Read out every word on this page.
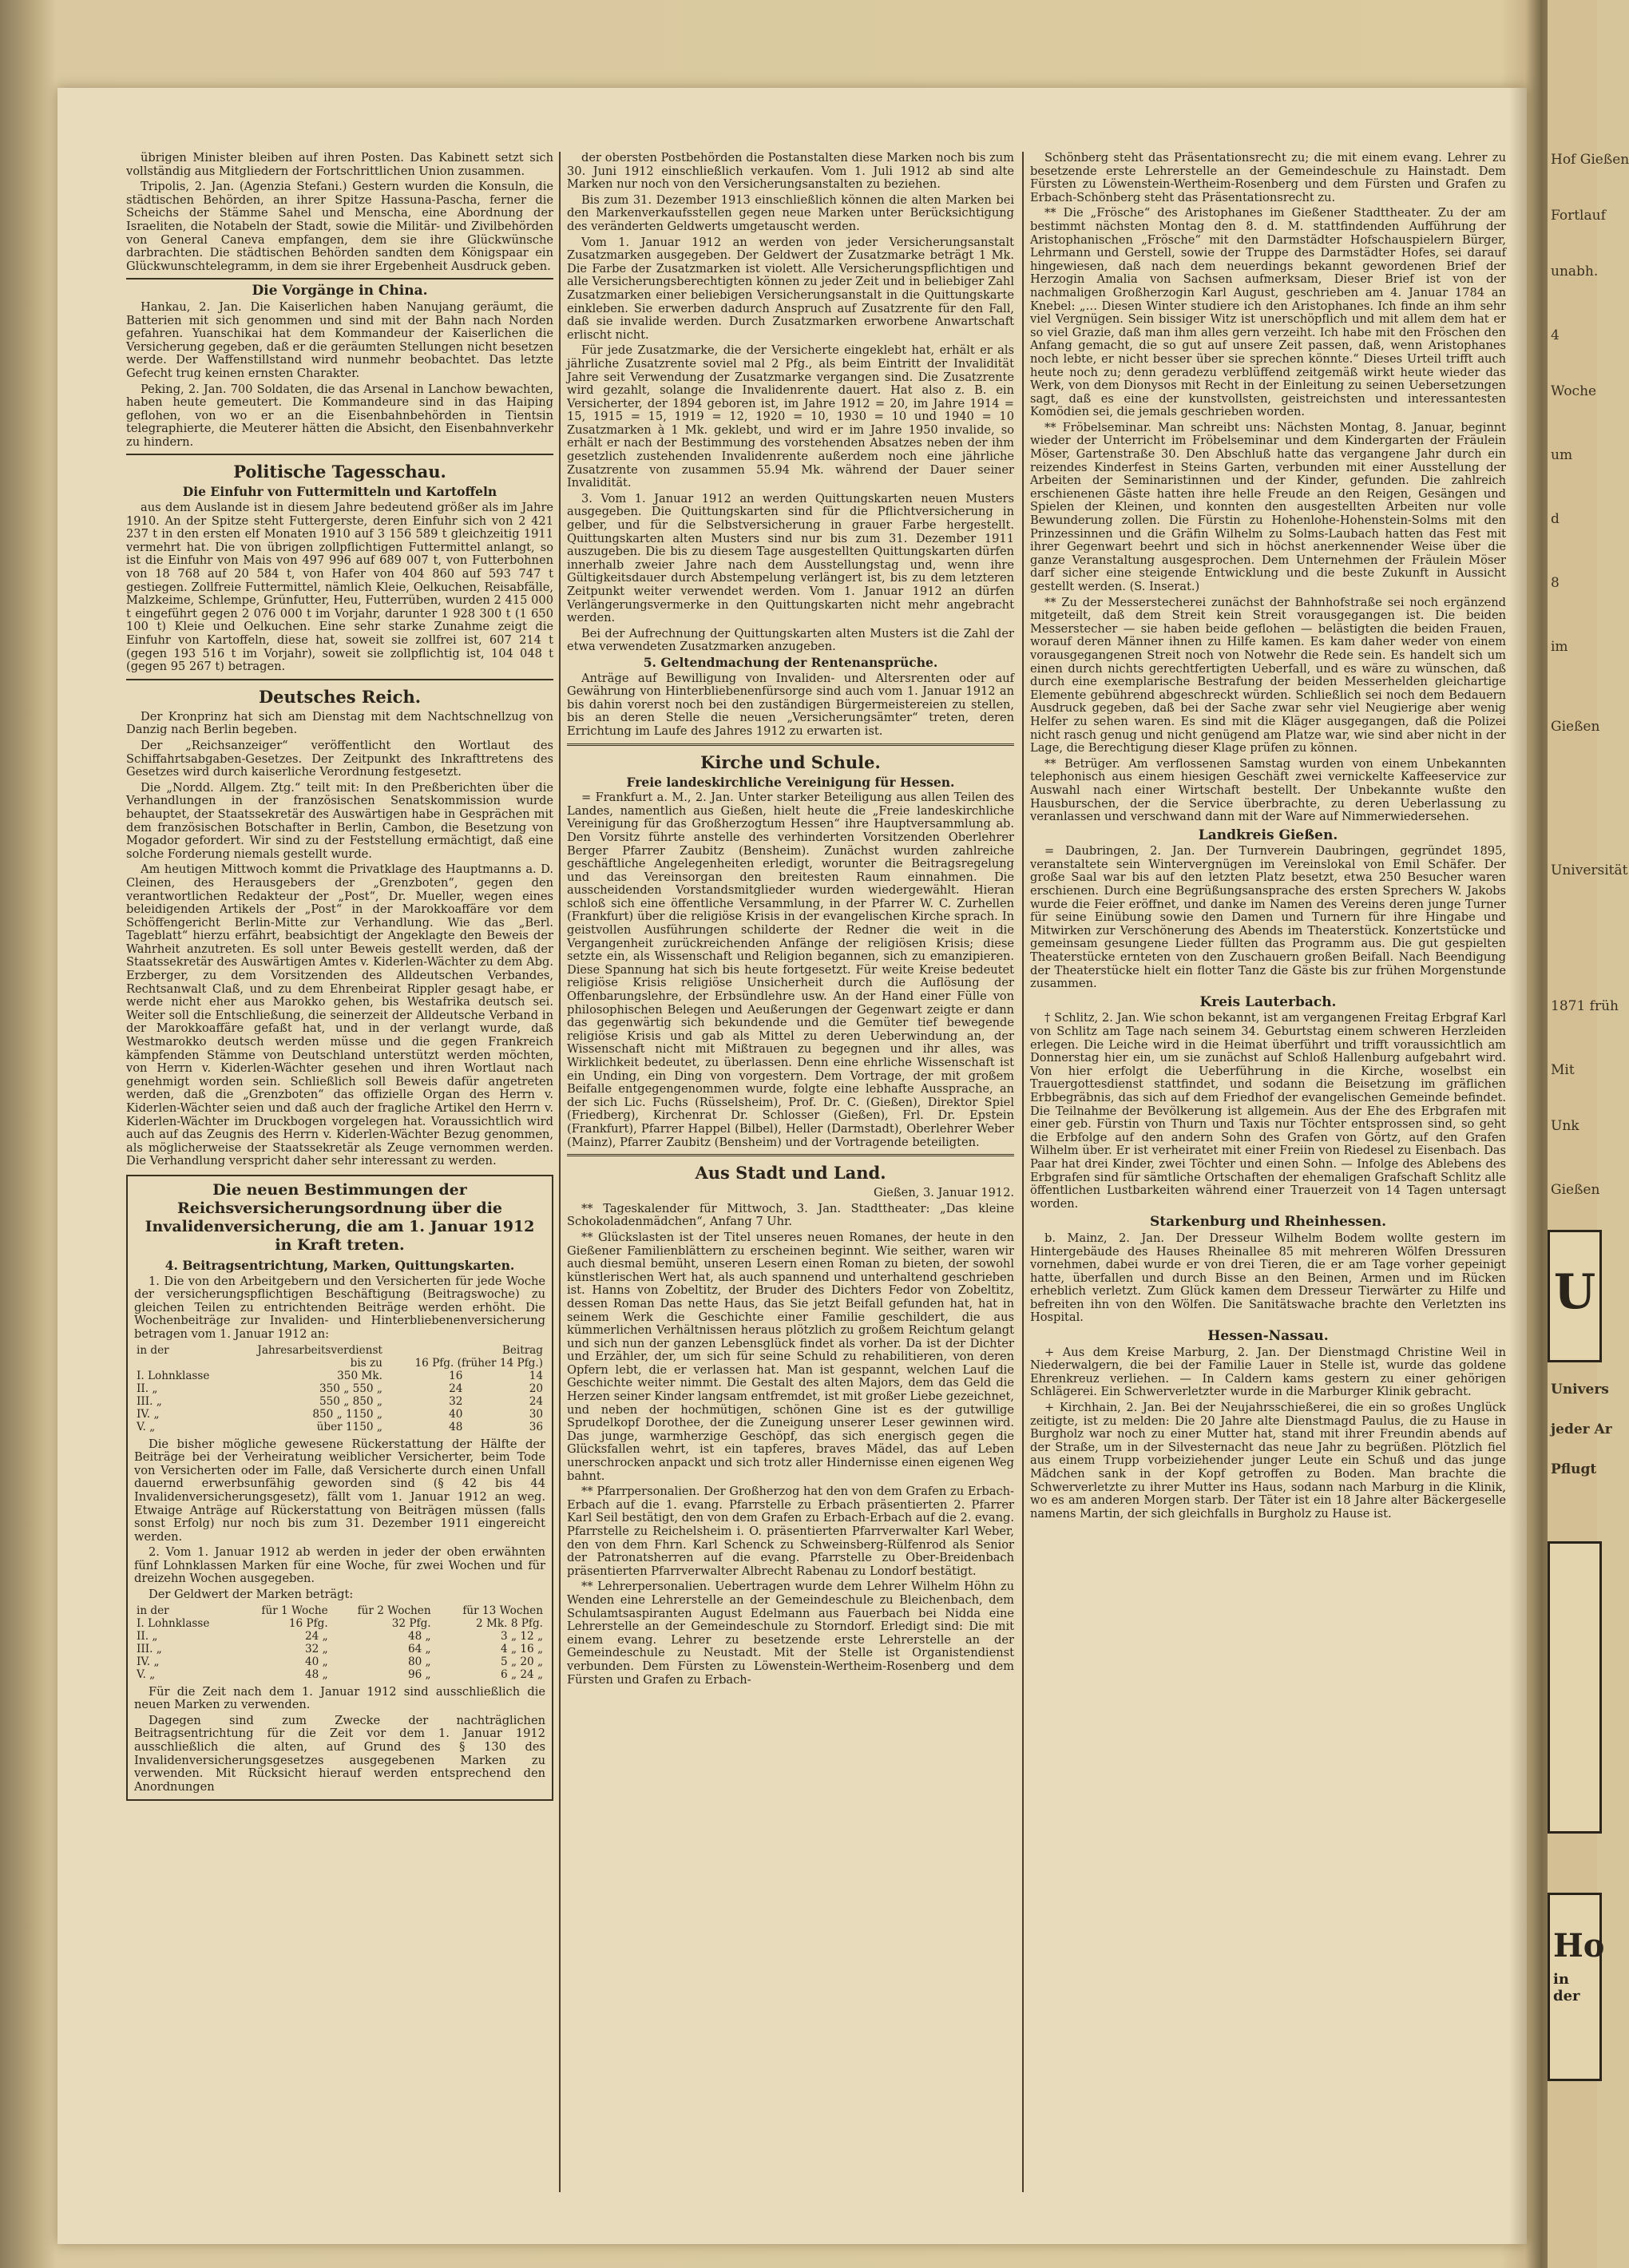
Hof Gießen
Fortlauf
unabh.
4
Woche
um
d
8
im
Gießen
Universität
1871 früh
Mit
Unk
Gießen
U
Univers
jeder Ar
Pflugt
Ho
in der

übrigen Minister bleiben auf ihren Posten. Das Kabinett setzt sich vollständig aus Mitgliedern der Fortschrittlichen Union zusammen.

Tripolis, 2. Jan. (Agenzia Stefani.) Gestern wurden die Konsuln, die städtischen Behörden, an ihrer Spitze Hassuna-Pascha, ferner die Scheichs der Stämme Sahel und Menscha, eine Abordnung der Israeliten, die Notabeln der Stadt, sowie die Militär- und Zivilbehörden von General Caneva empfangen, dem sie ihre Glückwünsche darbrachten. Die städtischen Behörden sandten dem Königspaar ein Glückwunschtelegramm, in dem sie ihrer Ergebenheit Ausdruck geben.

Die Vorgänge in China.

Hankau, 2. Jan. Die Kaiserlichen haben Nanujang geräumt, die Batterien mit sich genommen und sind mit der Bahn nach Norden gefahren. Yuanschikai hat dem Kommandeur der Kaiserlichen die Versicherung gegeben, daß er die geräumten Stellungen nicht besetzen werde. Der Waffenstillstand wird nunmehr beobachtet. Das letzte Gefecht trug keinen ernsten Charakter.

Peking, 2. Jan. 700 Soldaten, die das Arsenal in Lanchow bewachten, haben heute gemeutert. Die Kommandeure sind in das Haiping geflohen, von wo er an die Eisenbahnbehörden in Tientsin telegraphierte, die Meuterer hätten die Absicht, den Eisenbahnverkehr zu hindern.

Politische Tagesschau.
Die Einfuhr von Futtermitteln und Kartoffeln

aus dem Auslande ist in diesem Jahre bedeutend größer als im Jahre 1910. An der Spitze steht Futtergerste, deren Einfuhr sich von 2 421 237 t in den ersten elf Monaten 1910 auf 3 156 589 t gleichzeitig 1911 vermehrt hat. Die von übrigen zollpflichtigen Futtermittel anlangt, so ist die Einfuhr von Mais von 497 996 auf 689 007 t, von Futterbohnen von 18 768 auf 20 584 t, von Hafer von 404 860 auf 593 747 t gestiegen. Zollfreie Futtermittel, nämlich Kleie, Oelkuchen, Reisabfälle, Malzkeime, Schlempe, Grünfutter, Heu, Futterrüben, wurden 2 415 000 t eingeführt gegen 2 076 000 t im Vorjahr, darunter 1 928 300 t (1 650 100 t) Kleie und Oelkuchen. Eine sehr starke Zunahme zeigt die Einfuhr von Kartoffeln, diese hat, soweit sie zollfrei ist, 607 214 t (gegen 193 516 t im Vorjahr), soweit sie zollpflichtig ist, 104 048 t (gegen 95 267 t) betragen.

Deutsches Reich.

Der Kronprinz hat sich am Dienstag mit dem Nachtschnellzug von Danzig nach Berlin begeben.

Der „Reichsanzeiger“ veröffentlicht den Wortlaut des Schiffahrtsabgaben-Gesetzes. Der Zeitpunkt des Inkrafttretens des Gesetzes wird durch kaiserliche Verordnung festgesetzt.

Die „Nordd. Allgem. Ztg.“ teilt mit: In den Preßberichten über die Verhandlungen in der französischen Senatskommission wurde behauptet, der Staatssekretär des Auswärtigen habe in Gesprächen mit dem französischen Botschafter in Berlin, Cambon, die Besetzung von Mogador gefordert. Wir sind zu der Feststellung ermächtigt, daß eine solche Forderung niemals gestellt wurde.

Am heutigen Mittwoch kommt die Privatklage des Hauptmanns a. D. Cleinen, des Herausgebers der „Grenzboten“, gegen den verantwortlichen Redakteur der „Post“, Dr. Mueller, wegen eines beleidigenden Artikels der „Post“ in der Marokkoaffäre vor dem Schöffengericht Berlin-Mitte zur Verhandlung. Wie das „Berl. Tageblatt“ hierzu erfährt, beabsichtigt der Angeklagte den Beweis der Wahrheit anzutreten. Es soll unter Beweis gestellt werden, daß der Staatssekretär des Auswärtigen Amtes v. Kiderlen-Wächter zu dem Abg. Erzberger, zu dem Vorsitzenden des Alldeutschen Verbandes, Rechtsanwalt Claß, und zu dem Ehrenbeirat Rippler gesagt habe, er werde nicht eher aus Marokko gehen, bis Westafrika deutsch sei. Weiter soll die Entschließung, die seinerzeit der Alldeutsche Verband in der Marokkoaffäre gefaßt hat, und in der verlangt wurde, daß Westmarokko deutsch werden müsse und die gegen Frankreich kämpfenden Stämme von Deutschland unterstützt werden möchten, von Herrn v. Kiderlen-Wächter gesehen und ihren Wortlaut nach genehmigt worden sein. Schließlich soll Beweis dafür angetreten werden, daß die „Grenzboten“ das offizielle Organ des Herrn v. Kiderlen-Wächter seien und daß auch der fragliche Artikel den Herrn v. Kiderlen-Wächter im Druckbogen vorgelegen hat. Voraussichtlich wird auch auf das Zeugnis des Herrn v. Kiderlen-Wächter Bezug genommen, als möglicherweise der Staatssekretär als Zeuge vernommen werden. Die Verhandlung verspricht daher sehr interessant zu werden.

Die neuen Bestimmungen der Reichsversicherungsordnung über die Invalidenversicherung, die am 1. Januar 1912 in Kraft treten.
4. Beitragsentrichtung, Marken, Quittungskarten.

1. Die von den Arbeitgebern und den Versicherten für jede Woche der versicherungspflichtigen Beschäftigung (Beitragswoche) zu gleichen Teilen zu entrichtenden Beiträge werden erhöht. Die Wochenbeiträge zur Invaliden- und Hinterbliebenenversicherung betragen vom 1. Januar 1912 an:

in der	Jahresarbeitsverdienst	Beitrag	
	bis zu	16 Pfg. (früher 14 Pfg.)	
I. Lohnklasse	350 Mk.	16	14
II. „	350 „ 550 „	24	20
III. „	550 „ 850 „	32	24
IV. „	850 „ 1150 „	40	30
V. „	über 1150 „	48	36

Die bisher mögliche gewesene Rückerstattung der Hälfte der Beiträge bei der Verheiratung weiblicher Versicherter, beim Tode von Versicherten oder im Falle, daß Versicherte durch einen Unfall dauernd erwerbsunfähig geworden sind (§ 42 bis 44 Invalidenversicherungsgesetz), fällt vom 1. Januar 1912 an weg. Etwaige Anträge auf Rückerstattung von Beiträgen müssen (falls sonst Erfolg) nur noch bis zum 31. Dezember 1911 eingereicht werden.

2. Vom 1. Januar 1912 ab werden in jeder der oben erwähnten fünf Lohnklassen Marken für eine Woche, für zwei Wochen und für dreizehn Wochen ausgegeben.

Der Geldwert der Marken beträgt:

in der	für 1 Woche	für 2 Wochen	für 13 Wochen
I. Lohnklasse	16 Pfg.	32 Pfg.	2 Mk. 8 Pfg.
II. „	24 „	48 „	3 „ 12 „
III. „	32 „	64 „	4 „ 16 „
IV. „	40 „	80 „	5 „ 20 „
V. „	48 „	96 „	6 „ 24 „

Für die Zeit nach dem 1. Januar 1912 sind ausschließlich die neuen Marken zu verwenden.

Dagegen sind zum Zwecke der nachträglichen Beitragsentrichtung für die Zeit vor dem 1. Januar 1912 ausschließlich die alten, auf Grund des § 130 des Invalidenversicherungsgesetzes ausgegebenen Marken zu verwenden. Mit Rücksicht hierauf werden entsprechend den Anordnungen

der obersten Postbehörden die Postanstalten diese Marken noch bis zum 30. Juni 1912 einschließlich verkaufen. Vom 1. Juli 1912 ab sind alte Marken nur noch von den Versicherungsanstalten zu beziehen.

Bis zum 31. Dezember 1913 einschließlich können die alten Marken bei den Markenverkaufsstellen gegen neue Marken unter Berücksichtigung des veränderten Geldwerts umgetauscht werden.

Vom 1. Januar 1912 an werden von jeder Versicherungsanstalt Zusatzmarken ausgegeben. Der Geldwert der Zusatzmarke beträgt 1 Mk. Die Farbe der Zusatzmarken ist violett. Alle Versicherungspflichtigen und alle Versicherungsberechtigten können zu jeder Zeit und in beliebiger Zahl Zusatzmarken einer beliebigen Versicherungsanstalt in die Quittungskarte einkleben. Sie erwerben dadurch Anspruch auf Zusatzrente für den Fall, daß sie invalide werden. Durch Zusatzmarken erworbene Anwartschaft erlischt nicht.

Für jede Zusatzmarke, die der Versicherte eingeklebt hat, erhält er als jährliche Zusatzrente soviel mal 2 Pfg., als beim Eintritt der Invalidität Jahre seit Verwendung der Zusatzmarke vergangen sind. Die Zusatzrente wird gezahlt, solange die Invalidenrente dauert. Hat also z. B. ein Versicherter, der 1894 geboren ist, im Jahre 1912 = 20, im Jahre 1914 = 15, 1915 = 15, 1919 = 12, 1920 = 10, 1930 = 10 und 1940 = 10 Zusatzmarken à 1 Mk. geklebt, und wird er im Jahre 1950 invalide, so erhält er nach der Bestimmung des vorstehenden Absatzes neben der ihm gesetzlich zustehenden Invalidenrente außerdem noch eine jährliche Zusatzrente von zusammen 55.94 Mk. während der Dauer seiner Invalidität.

3. Vom 1. Januar 1912 an werden Quittungskarten neuen Musters ausgegeben. Die Quittungskarten sind für die Pflichtversicherung in gelber, und für die Selbstversicherung in grauer Farbe hergestellt. Quittungskarten alten Musters sind nur bis zum 31. Dezember 1911 auszugeben. Die bis zu diesem Tage ausgestellten Quittungskarten dürfen innerhalb zweier Jahre nach dem Ausstellungstag und, wenn ihre Gültigkeitsdauer durch Abstempelung verlängert ist, bis zu dem letzteren Zeitpunkt weiter verwendet werden. Vom 1. Januar 1912 an dürfen Verlängerungsvermerke in den Quittungskarten nicht mehr angebracht werden.

Bei der Aufrechnung der Quittungskarten alten Musters ist die Zahl der etwa verwendeten Zusatzmarken anzugeben.

5. Geltendmachung der Rentenansprüche.

Anträge auf Bewilligung von Invaliden- und Altersrenten oder auf Gewährung von Hinterbliebenenfürsorge sind auch vom 1. Januar 1912 an bis dahin vorerst noch bei den zuständigen Bürgermeistereien zu stellen, bis an deren Stelle die neuen „Versicherungsämter“ treten, deren Errichtung im Laufe des Jahres 1912 zu erwarten ist.

Kirche und Schule.
Freie landeskirchliche Vereinigung für Hessen.

= Frankfurt a. M., 2. Jan. Unter starker Beteiligung aus allen Teilen des Landes, namentlich aus Gießen, hielt heute die „Freie landeskirchliche Vereinigung für das Großherzogtum Hessen“ ihre Hauptversammlung ab. Den Vorsitz führte anstelle des verhinderten Vorsitzenden Oberlehrer Berger Pfarrer Zaubitz (Bensheim). Zunächst wurden zahlreiche geschäftliche Angelegenheiten erledigt, worunter die Beitragsregelung und das Vereinsorgan den breitesten Raum einnahmen. Die ausscheidenden Vorstandsmitglieder wurden wiedergewählt. Hieran schloß sich eine öffentliche Versammlung, in der Pfarrer W. C. Zurhellen (Frankfurt) über die religiöse Krisis in der evangelischen Kirche sprach. In geistvollen Ausführungen schilderte der Redner die weit in die Vergangenheit zurückreichenden Anfänge der religiösen Krisis; diese setzte ein, als Wissenschaft und Religion begannen, sich zu emanzipieren. Diese Spannung hat sich bis heute fortgesetzt. Für weite Kreise bedeutet religiöse Krisis religiöse Unsicherheit durch die Auflösung der Offenbarungslehre, der Erbsündlehre usw. An der Hand einer Fülle von philosophischen Belegen und Aeußerungen der Gegenwart zeigte er dann das gegenwärtig sich bekundende und die Gemüter tief bewegende religiöse Krisis und gab als Mittel zu deren Ueberwindung an, der Wissenschaft nicht mit Mißtrauen zu begegnen und ihr alles, was Wirklichkeit bedeutet, zu überlassen. Denn eine ehrliche Wissenschaft ist ein Unding, ein Ding von vorgestern. Dem Vortrage, der mit großem Beifalle entgegengenommen wurde, folgte eine lebhafte Aussprache, an der sich Lic. Fuchs (Rüsselsheim), Prof. Dr. C. (Gießen), Direktor Spiel (Friedberg), Kirchenrat Dr. Schlosser (Gießen), Frl. Dr. Epstein (Frankfurt), Pfarrer Happel (Bilbel), Heller (Darmstadt), Oberlehrer Weber (Mainz), Pfarrer Zaubitz (Bensheim) und der Vortragende beteiligten.

Aus Stadt und Land.
Gießen, 3. Januar 1912.

** Tageskalender für Mittwoch, 3. Jan. Stadttheater: „Das kleine Schokoladenmädchen“, Anfang 7 Uhr.

** Glückslasten ist der Titel unseres neuen Romanes, der heute in den Gießener Familienblättern zu erscheinen beginnt. Wie seither, waren wir auch diesmal bemüht, unseren Lesern einen Roman zu bieten, der sowohl künstlerischen Wert hat, als auch spannend und unterhaltend geschrieben ist. Hanns von Zobeltitz, der Bruder des Dichters Fedor von Zobeltitz, dessen Roman Das nette Haus, das Sie jetzt Beifall gefunden hat, hat in seinem Werk die Geschichte einer Familie geschildert, die aus kümmerlichen Verhältnissen heraus plötzlich zu großem Reichtum gelangt und sich nun der ganzen Lebensglück findet als vorher. Da ist der Dichter und Erzähler, der, um sich für seine Schuld zu rehabilitieren, von deren Opfern lebt, die er verlassen hat. Man ist gespannt, welchen Lauf die Geschichte weiter nimmt. Die Gestalt des alten Majors, dem das Geld die Herzen seiner Kinder langsam entfremdet, ist mit großer Liebe gezeichnet, und neben der hochmütigen, schönen Gine ist es der gutwillige Sprudelkopf Dorothee, der die Zuneigung unserer Leser gewinnen wird. Das junge, warmherzige Geschöpf, das sich energisch gegen die Glücksfallen wehrt, ist ein tapferes, braves Mädel, das auf Leben unerschrocken anpackt und sich trotz aller Hindernisse einen eigenen Weg bahnt.

** Pfarrpersonalien. Der Großherzog hat den von dem Grafen zu Erbach-Erbach auf die 1. evang. Pfarrstelle zu Erbach präsentierten 2. Pfarrer Karl Seil bestätigt, den von dem Grafen zu Erbach-Erbach auf die 2. evang. Pfarrstelle zu Reichelsheim i. O. präsentierten Pfarrverwalter Karl Weber, den von dem Fhrn. Karl Schenck zu Schweinsberg-Rülfenrod als Senior der Patronatsherren auf die evang. Pfarrstelle zu Ober-Breidenbach präsentierten Pfarrverwalter Albrecht Rabenau zu Londorf bestätigt.

** Lehrerpersonalien. Uebertragen wurde dem Lehrer Wilhelm Höhn zu Wenden eine Lehrerstelle an der Gemeindeschule zu Bleichenbach, dem Schulamtsaspiranten August Edelmann aus Fauerbach bei Nidda eine Lehrerstelle an der Gemeindeschule zu Storndorf. Erledigt sind: Die mit einem evang. Lehrer zu besetzende erste Lehrerstelle an der Gemeindeschule zu Neustadt. Mit der Stelle ist Organistendienst verbunden. Dem Fürsten zu Löwenstein-Wertheim-Rosenberg und dem Fürsten und Grafen zu Erbach-

Schönberg steht das Präsentationsrecht zu; die mit einem evang. Lehrer zu besetzende erste Lehrerstelle an der Gemeindeschule zu Hainstadt. Dem Fürsten zu Löwenstein-Wertheim-Rosenberg und dem Fürsten und Grafen zu Erbach-Schönberg steht das Präsentationsrecht zu.

** Die „Frösche“ des Aristophanes im Gießener Stadttheater. Zu der am bestimmt nächsten Montag den 8. d. M. stattfindenden Aufführung der Aristophanischen „Frösche“ mit den Darmstädter Hofschauspielern Bürger, Lehrmann und Gerstell, sowie der Truppe des Darmstädter Hofes, sei darauf hingewiesen, daß nach dem neuerdings bekannt gewordenen Brief der Herzogin Amalia von Sachsen aufmerksam, Dieser Brief ist von der nachmaligen Großherzogin Karl August, geschrieben am 4. Januar 1784 an Knebel: „… Diesen Winter studiere ich den Aristophanes. Ich finde an ihm sehr viel Vergnügen. Sein bissiger Witz ist unerschöpflich und mit allem dem hat er so viel Grazie, daß man ihm alles gern verzeiht. Ich habe mit den Fröschen den Anfang gemacht, die so gut auf unsere Zeit passen, daß, wenn Aristophanes noch lebte, er nicht besser über sie sprechen könnte.“ Dieses Urteil trifft auch heute noch zu; denn geradezu verblüffend zeitgemäß wirkt heute wieder das Werk, von dem Dionysos mit Recht in der Einleitung zu seinen Uebersetzungen sagt, daß es eine der kunstvollsten, geistreichsten und interessantesten Komödien sei, die jemals geschrieben worden.

** Fröbelseminar. Man schreibt uns: Nächsten Montag, 8. Januar, beginnt wieder der Unterricht im Fröbelseminar und dem Kindergarten der Fräulein Möser, Gartenstraße 30. Den Abschluß hatte das vergangene Jahr durch ein reizendes Kinderfest in Steins Garten, verbunden mit einer Ausstellung der Arbeiten der Seminaristinnen und der Kinder, gefunden. Die zahlreich erschienenen Gäste hatten ihre helle Freude an den Reigen, Gesängen und Spielen der Kleinen, und konnten den ausgestellten Arbeiten nur volle Bewunderung zollen. Die Fürstin zu Hohenlohe-Hohenstein-Solms mit den Prinzessinnen und die Gräfin Wilhelm zu Solms-Laubach hatten das Fest mit ihrer Gegenwart beehrt und sich in höchst anerkennender Weise über die ganze Veranstaltung ausgesprochen. Dem Unternehmen der Fräulein Möser darf sicher eine steigende Entwicklung und die beste Zukunft in Aussicht gestellt werden. (S. Inserat.)

** Zu der Messerstecherei zunächst der Bahnhofstraße sei noch ergänzend mitgeteilt, daß dem Streit kein Streit vorausgegangen ist. Die beiden Messerstecher — sie haben beide geflohen — belästigten die beiden Frauen, worauf deren Männer ihnen zu Hilfe kamen. Es kam daher weder von einem vorausgegangenen Streit noch von Notwehr die Rede sein. Es handelt sich um einen durch nichts gerechtfertigten Ueberfall, und es wäre zu wünschen, daß durch eine exemplarische Bestrafung der beiden Messerhelden gleichartige Elemente gebührend abgeschreckt würden. Schließlich sei noch dem Bedauern Ausdruck gegeben, daß bei der Sache zwar sehr viel Neugierige aber wenig Helfer zu sehen waren. Es sind mit die Kläger ausgegangen, daß die Polizei nicht rasch genug und nicht genügend am Platze war, wie sind aber nicht in der Lage, die Berechtigung dieser Klage prüfen zu können.

** Betrüger. Am verflossenen Samstag wurden von einem Unbekannten telephonisch aus einem hiesigen Geschäft zwei vernickelte Kaffeeservice zur Auswahl nach einer Wirtschaft bestellt. Der Unbekannte wußte den Hausburschen, der die Service überbrachte, zu deren Ueberlassung zu veranlassen und verschwand dann mit der Ware auf Nimmerwiedersehen.

Landkreis Gießen.

= Daubringen, 2. Jan. Der Turnverein Daubringen, gegründet 1895, veranstaltete sein Wintervergnügen im Vereinslokal von Emil Schäfer. Der große Saal war bis auf den letzten Platz besetzt, etwa 250 Besucher waren erschienen. Durch eine Begrüßungsansprache des ersten Sprechers W. Jakobs wurde die Feier eröffnet, und danke im Namen des Vereins deren junge Turner für seine Einübung sowie den Damen und Turnern für ihre Hingabe und Mitwirken zur Verschönerung des Abends im Theaterstück. Konzertstücke und gemeinsam gesungene Lieder füllten das Programm aus. Die gut gespielten Theaterstücke ernteten von den Zuschauern großen Beifall. Nach Beendigung der Theaterstücke hielt ein flotter Tanz die Gäste bis zur frühen Morgenstunde zusammen.

Kreis Lauterbach.

† Schlitz, 2. Jan. Wie schon bekannt, ist am vergangenen Freitag Erbgraf Karl von Schlitz am Tage nach seinem 34. Geburtstag einem schweren Herzleiden erlegen. Die Leiche wird in die Heimat überführt und trifft voraussichtlich am Donnerstag hier ein, um sie zunächst auf Schloß Hallenburg aufgebahrt wird. Von hier erfolgt die Ueberführung in die Kirche, woselbst ein Trauergottesdienst stattfindet, und sodann die Beisetzung im gräflichen Erbbegräbnis, das sich auf dem Friedhof der evangelischen Gemeinde befindet. Die Teilnahme der Bevölkerung ist allgemein. Aus der Ehe des Erbgrafen mit einer geb. Fürstin von Thurn und Taxis nur Töchter entsprossen sind, so geht die Erbfolge auf den andern Sohn des Grafen von Görtz, auf den Grafen Wilhelm über. Er ist verheiratet mit einer Freiin von Riedesel zu Eisenbach. Das Paar hat drei Kinder, zwei Töchter und einen Sohn. — Infolge des Ablebens des Erbgrafen sind für sämtliche Ortschaften der ehemaligen Grafschaft Schlitz alle öffentlichen Lustbarkeiten während einer Trauerzeit von 14 Tagen untersagt worden.

Starkenburg und Rheinhessen.

b. Mainz, 2. Jan. Der Dresseur Wilhelm Bodem wollte gestern im Hintergebäude des Hauses Rheinallee 85 mit mehreren Wölfen Dressuren vornehmen, dabei wurde er von drei Tieren, die er am Tage vorher gepeinigt hatte, überfallen und durch Bisse an den Beinen, Armen und im Rücken erheblich verletzt. Zum Glück kamen dem Dresseur Tierwärter zu Hilfe und befreiten ihn von den Wölfen. Die Sanitätswache brachte den Verletzten ins Hospital.

Hessen-Nassau.

+ Aus dem Kreise Marburg, 2. Jan. Der Dienstmagd Christine Weil in Niederwalgern, die bei der Familie Lauer in Stelle ist, wurde das goldene Ehrenkreuz verliehen. — In Caldern kams gestern zu einer gehörigen Schlägerei. Ein Schwerverletzter wurde in die Marburger Klinik gebracht.

+ Kirchhain, 2. Jan. Bei der Neujahrsschießerei, die ein so großes Unglück zeitigte, ist zu melden: Die 20 Jahre alte Dienstmagd Paulus, die zu Hause in Burgholz war noch zu einer Mutter hat, stand mit ihrer Freundin abends auf der Straße, um in der Silvesternacht das neue Jahr zu begrüßen. Plötzlich fiel aus einem Trupp vorbeiziehender junger Leute ein Schuß und das junge Mädchen sank in der Kopf getroffen zu Boden. Man brachte die Schwerverletzte zu ihrer Mutter ins Haus, sodann nach Marburg in die Klinik, wo es am anderen Morgen starb. Der Täter ist ein 18 Jahre alter Bäckergeselle namens Martin, der sich gleichfalls in Burgholz zu Hause ist.
